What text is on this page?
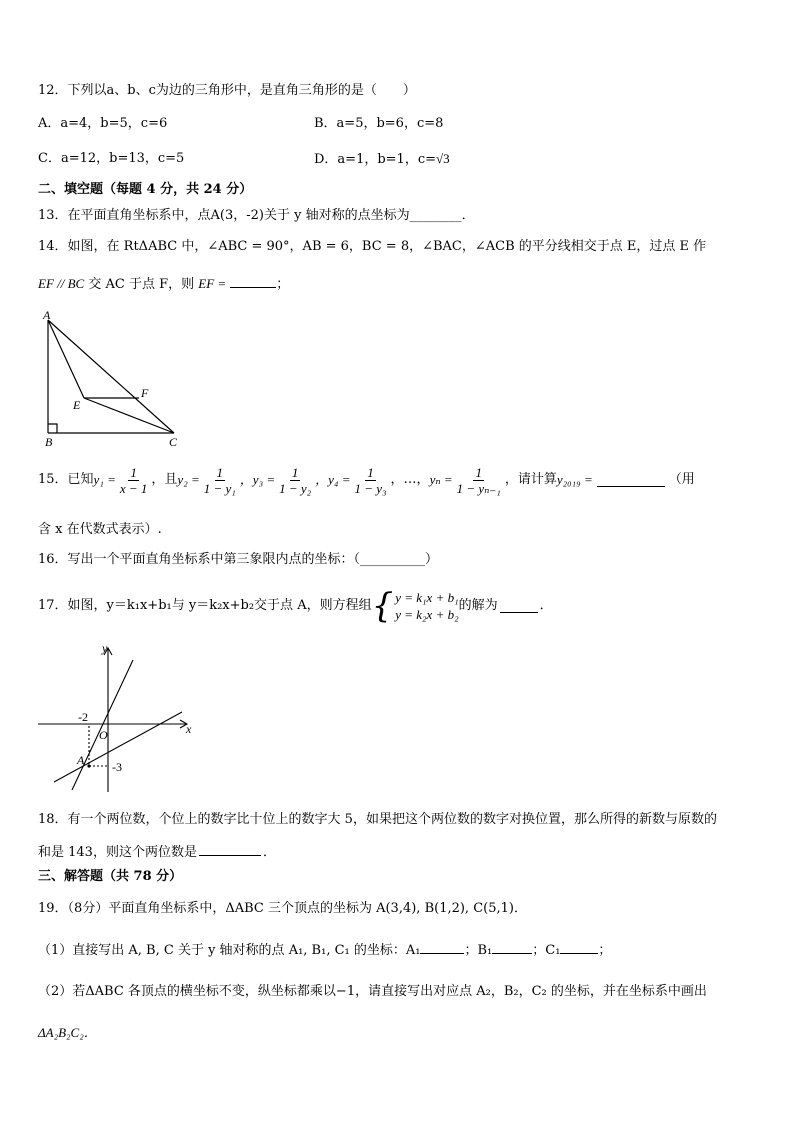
12．下列以a、b、c为边的三角形中，是直角三角形的是（　　）
A．a=4，b=5，c=6	B．a=5，b=6，c=8
C．a=12，b=13，c=5	D．a=1，b=1，c=√3
二、填空题（每题 4 分，共 24 分）
13．在平面直角坐标系中，点A(3，-2)关于 y 轴对称的点坐标为________．
14．如图，在 RtΔABC 中，∠ABC = 90°，AB = 6，BC = 8，∠BAC，∠ACB 的平分线相交于点 E，过点 E 作
EF // BC 交 AC 于点 F，则 EF =	；
A
B	C
E
F
15．已知 $y_1 = \frac{1}{x - 1}$ ，且 $y_2 = \frac{1}{\text{1 − y₁}}$ ，$y_3 = \frac{1}{\text{1 − y₂}}$ ，$y_4 = \frac{1}{\text{1 − y₃}}$ ，…， $y_n = \frac{1}{\text{1 − yₙ₋₁}}$ ，请计算 y₂₀₁₉ =	（用
含 x 在代数式表示）.
16．写出一个平面直角坐标系中第三象限内点的坐标：（__________）
17．如图，y＝k₁x+b₁与 y＝k₂x+b₂交于点 A，则方程组 { y = k₁x + b₁
y = k₂x + b₂
的解为	．
y
x
O
A
-2
-3
18．有一个两位数，个位上的数字比十位上的数字大 5，如果把这个两位数的数字对换位置，那么所得的新数与原数的
和是 143，则这个两位数是	．
三、解答题（共 78 分）
19．（8分）平面直角坐标系中，ΔABC 三个顶点的坐标为 A(3,4), B(1,2), C(5,1)．
（1）直接写出 A, B, C 关于 y 轴对称的点 A₁, B₁, C₁ 的坐标：A₁	；B₁	；C₁	；
（2）若ΔABC 各顶点的横坐标不变，纵坐标都乘以−1，请直接写出对应点 A₂，B₂，C₂ 的坐标，并在坐标系中画出
ΔA₂B₂C₂．
